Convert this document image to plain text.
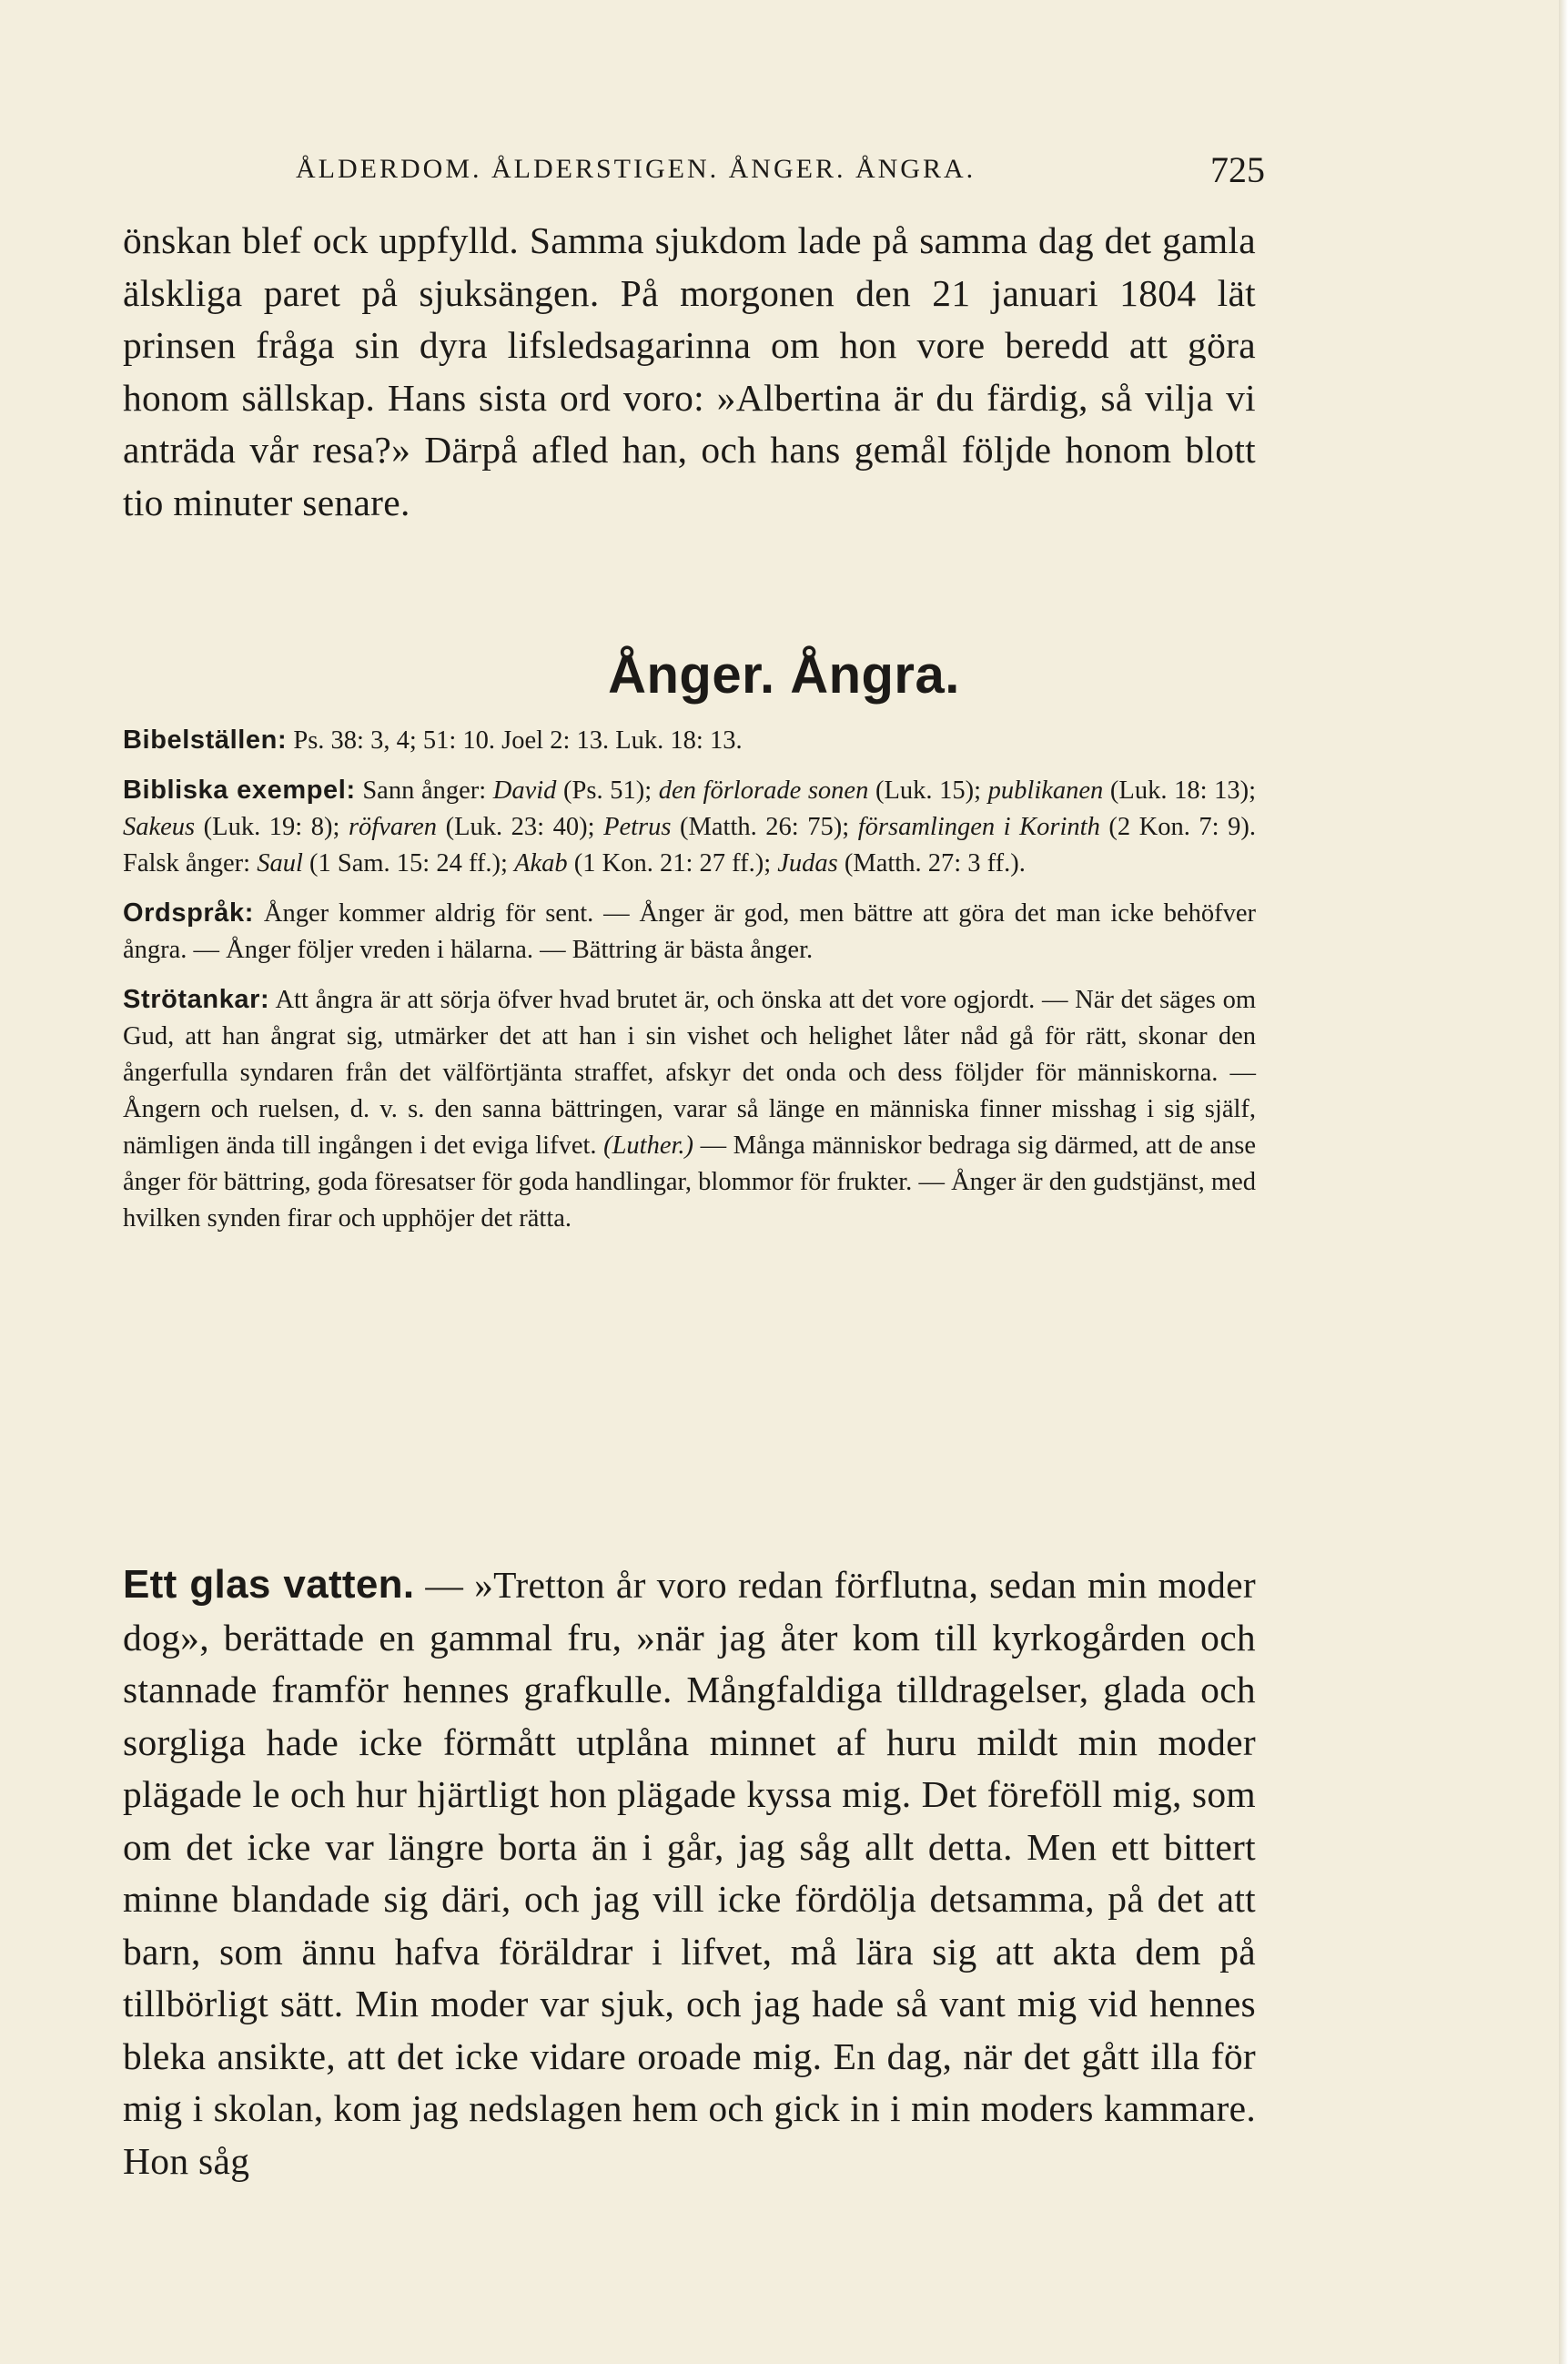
ÅLDERDOM. ÅLDERSTIGEN. ÅNGER. ÅNGRA.	725

önskan blef ock uppfylld. Samma sjukdom lade på samma dag det gamla älskliga paret på sjuksängen. På morgonen den 21 januari 1804 lät prinsen fråga sin dyra lifsledsagarinna om hon vore beredd att göra honom sällskap. Hans sista ord voro: »Albertina är du färdig, så vilja vi anträda vår resa?» Därpå afled han, och hans gemål följde honom blott tio minuter senare.

Ånger. Ångra.

Bibelställen: Ps. 38: 3, 4; 51: 10. Joel 2: 13. Luk. 18: 13.

Bibliska exempel: Sann ånger: David (Ps. 51); den förlorade sonen (Luk. 15); publikanen (Luk. 18: 13); Sakeus (Luk. 19: 8); röfvaren (Luk. 23: 40); Petrus (Matth. 26: 75); församlingen i Korinth (2 Kon. 7: 9). Falsk ånger: Saul (1 Sam. 15: 24 ff.); Akab (1 Kon. 21: 27 ff.); Judas (Matth. 27: 3 ff.).

Ordspråk: Ånger kommer aldrig för sent. — Ånger är god, men bättre att göra det man icke behöfver ångra. — Ånger följer vreden i hälarna. — Bättring är bästa ånger.

Strötankar: Att ångra är att sörja öfver hvad brutet är, och önska att det vore ogjordt. — När det säges om Gud, att han ångrat sig, utmärker det att han i sin vishet och helighet låter nåd gå för rätt, skonar den ångerfulla syndaren från det välförtjänta straffet, afskyr det onda och dess följder för människorna. — Ångern och ruelsen, d. v. s. den sanna bättringen, varar så länge en människa finner misshag i sig själf, nämligen ända till ingången i det eviga lifvet. (Luther.) — Många människor bedraga sig därmed, att de anse ånger för bättring, goda föresatser för goda handlingar, blommor för frukter. — Ånger är den gudstjänst, med hvilken synden firar och upphöjer det rätta.

Ett glas vatten. — »Tretton år voro redan förflutna, sedan min moder dog», berättade en gammal fru, »när jag åter kom till kyrkogården och stannade framför hennes grafkulle. Mångfaldiga tilldragelser, glada och sorgliga hade icke förmått utplåna minnet af huru mildt min moder plägade le och hur hjärtligt hon plägade kyssa mig. Det föreföll mig, som om det icke var längre borta än i går, jag såg allt detta. Men ett bittert minne blandade sig däri, och jag vill icke fördölja detsamma, på det att barn, som ännu hafva föräldrar i lifvet, må lära sig att akta dem på tillbörligt sätt. Min moder var sjuk, och jag hade så vant mig vid hennes bleka ansikte, att det icke vidare oroade mig. En dag, när det gått illa för mig i skolan, kom jag nedslagen hem och gick in i min moders kammare. Hon såg
